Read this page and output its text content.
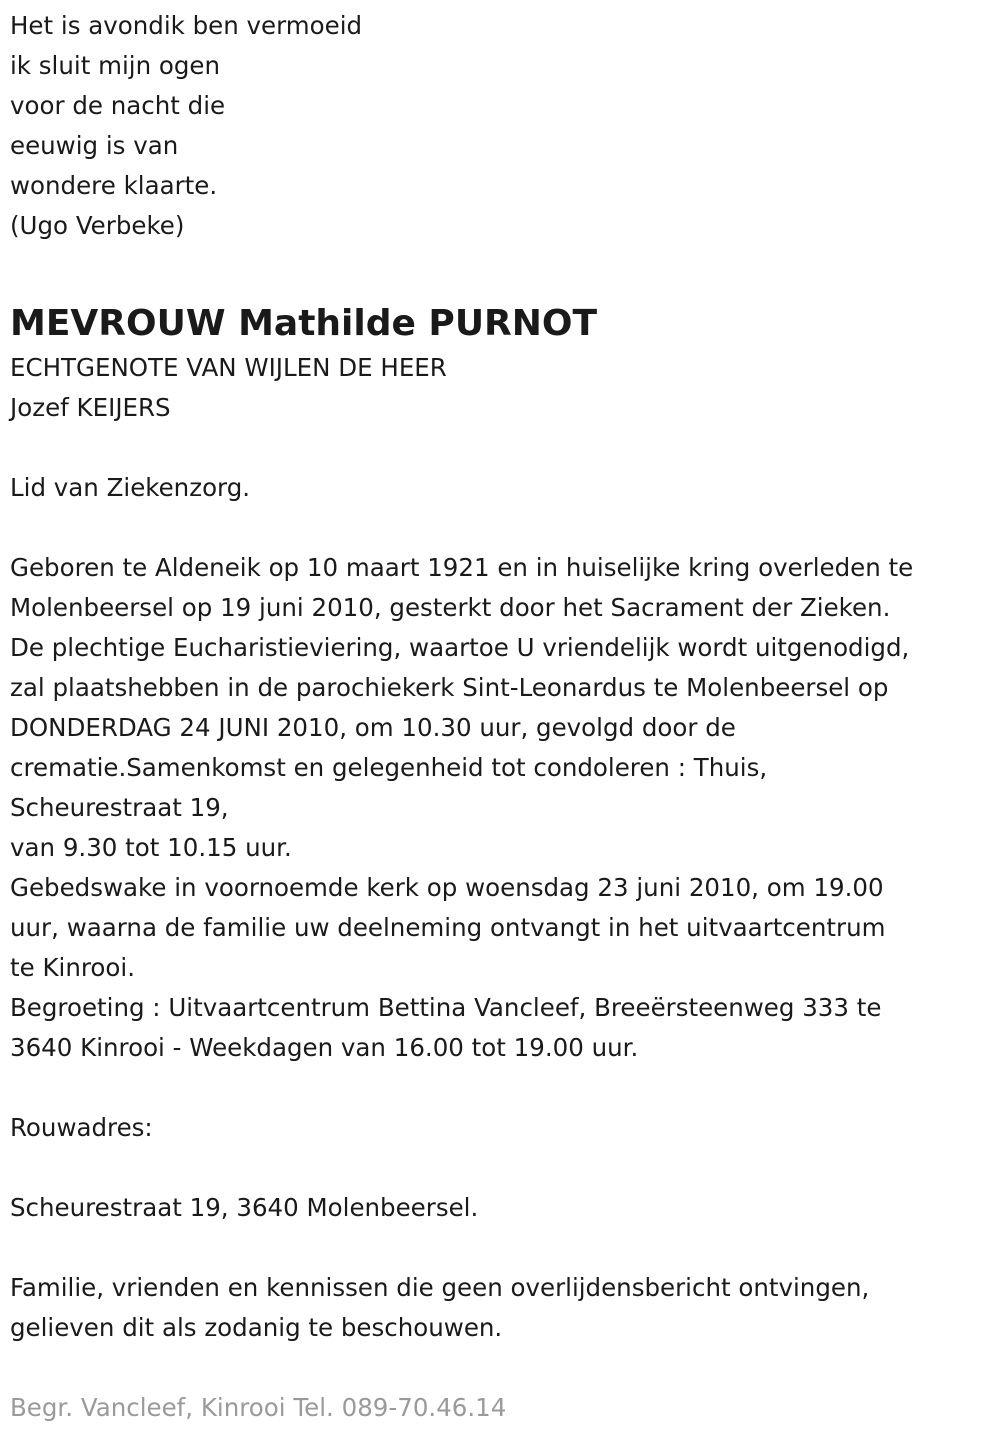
Het is avondik ben vermoeid

ik sluit mijn ogen

voor de nacht die

eeuwig is van

wondere klaarte.

(Ugo Verbeke)

MEVROUW Mathilde PURNOT

ECHTGENOTE VAN WIJLEN DE HEER

Jozef KEIJERS

Lid van Ziekenzorg.

Geboren te Aldeneik op 10 maart 1921 en in huiselijke kring overleden te

Molenbeersel op 19 juni 2010, gesterkt door het Sacrament der Zieken.

De plechtige Eucharistieviering, waartoe U vriendelijk wordt uitgenodigd,

zal plaatshebben in de parochiekerk Sint-Leonardus te Molenbeersel op

DONDERDAG 24 JUNI 2010, om 10.30 uur, gevolgd door de

crematie.Samenkomst en gelegenheid tot condoleren : Thuis,

Scheurestraat 19,

van 9.30 tot 10.15 uur.

Gebedswake in voornoemde kerk op woensdag 23 juni 2010, om 19.00

uur, waarna de familie uw deelneming ontvangt in het uitvaartcentrum

te Kinrooi.

Begroeting : Uitvaartcentrum Bettina Vancleef, Breeërsteenweg 333 te

3640 Kinrooi - Weekdagen van 16.00 tot 19.00 uur.

Rouwadres:

Scheurestraat 19, 3640 Molenbeersel.

Familie, vrienden en kennissen die geen overlijdensbericht ontvingen,

gelieven dit als zodanig te beschouwen.

Begr. Vancleef, Kinrooi Tel. 089-70.46.14
